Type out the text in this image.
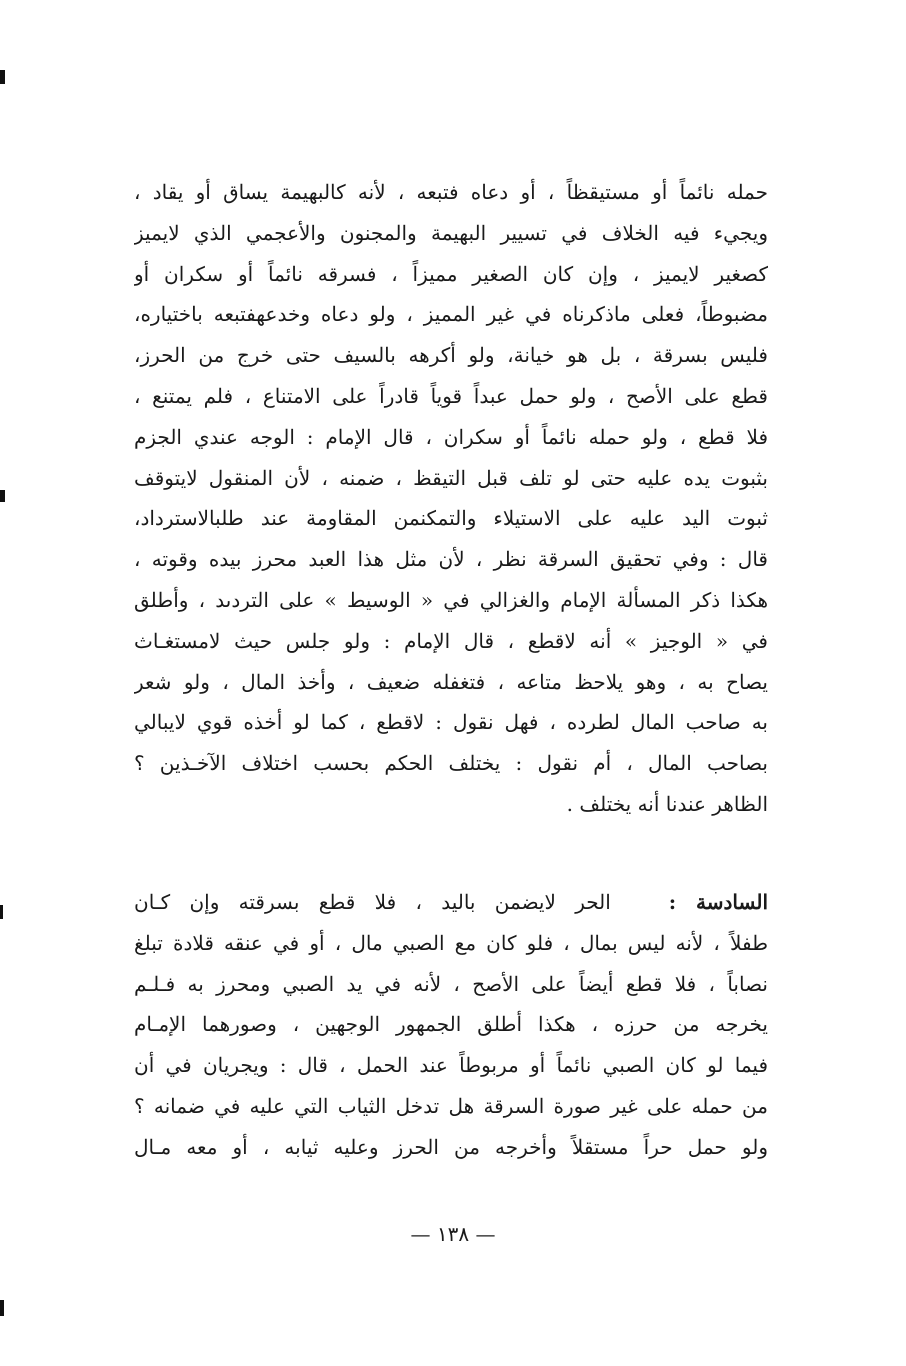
حمله نائماً أو مستيقظاً ، أو دعاه فتبعه ، لأنه كالبهيمة يساق أو يقاد ،
ويجيء فيه الخلاف في تسيير البهيمة والمجنون والأعجمي الذي لايميز
كصغير لايميز ، وإن كان الصغير مميزاً ، فسرقه نائماً أو سكران أو
مضبوطاً، فعلى ماذكرناه في غير المميز ، ولو دعاه وخدعهفتبعه باختياره،
فليس بسرقة ، بل هو خيانة، ولو أكرهه بالسيف حتى خرج من الحرز،
قطع على الأصح ، ولو حمل عبداً قوياً قادراً على الامتناع ، فلم يمتنع ،
فلا قطع ، ولو حمله نائماً أو سكران ، قال الإمام : الوجه عندي الجزم
بثبوت يده عليه حتى لو تلف قبل التيقظ ، ضمنه ، لأن المنقول لايتوقف
ثبوت اليد عليه على الاستيلاء والتمكنمن المقاومة عند طلبالاسترداد،
قال : وفي تحقيق السرقة نظر ، لأن مثل هذا العبد محرز بيده وقوته ،
هكذا ذكر المسألة الإمام والغزالي في « الوسيط » على التردىد ، وأطلق
في « الوجيز » أنه لاقطع ، قال الإمام : ولو جلس حيث لامستغـاث
يصاح به ، وهو يلاحظ متاعه ، فتغفله ضعيف ، وأخذ المال ، ولو شعر
به صاحب المال لطرده ، فهل نقول : لاقطع ، كما لو أخذه قوي لايبالي
بصاحب المال ، أم نقول : يختلف الحكم بحسب اختلاف الآخـذين ؟
الظاهر عندنا أنه يختلف .
السادسة :   الحر لايضمن باليد ، فلا قطع بسرقته وإن كـان
طفلاً ، لأنه ليس بمال ، فلو كان مع الصبي مال ، أو في عنقه قلادة تبلغ
نصاباً ، فلا قطع أيضاً على الأصح ، لأنه في يد الصبي ومحرز به فـلـم
يخرجه من حرزه ، هكذا أطلق الجمهور الوجهين ، وصورهما الإمـام
فيما لو كان الصبي نائماً أو مربوطاً عند الحمل ، قال : ويجريان في أن
من حمله على غير صورة السرقة هل تدخل الثياب التي عليه في ضمانه ؟
ولو حمل حراً مستقلاً وأخرجه من الحرز وعليه ثيابه ، أو معه مـال
— ١٣٨ —
